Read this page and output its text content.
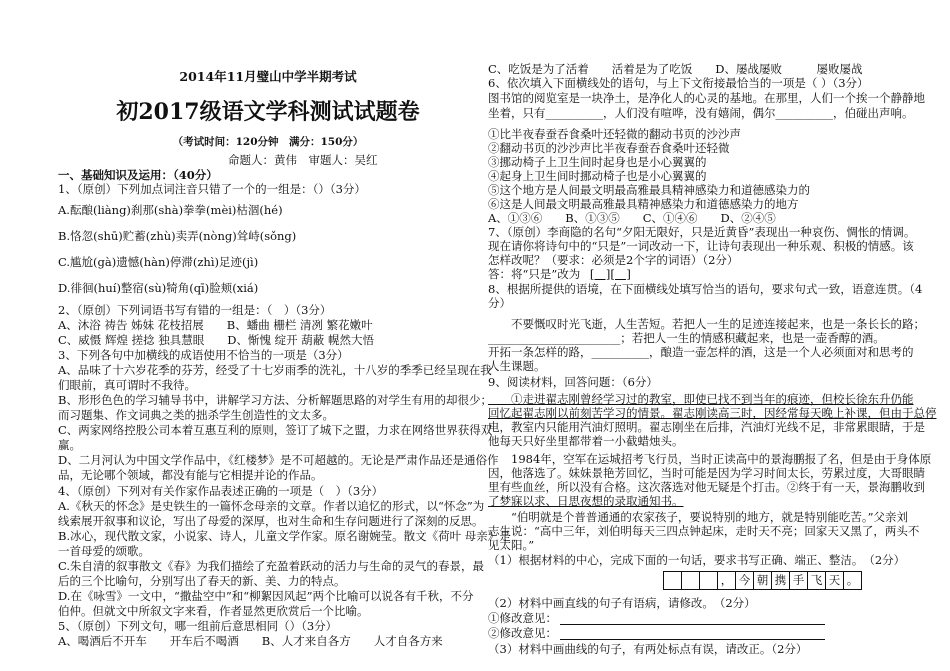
2014年11月璧山中学半期考试
初2017级语文学科测试试题卷
（考试时间：120分钟　满分：150分）
命题人：黄伟　审题人：吴红
一、基础知识及运用：（40分）
1、（原创）下列加点词注音只错了一个的一组是：（）（3分）
A.酝酿(liàng)刹那(shà)拳拳(mèi)枯涸(hé)
B.恪忽(shū)贮蓄(zhù)卖弄(nòng)耸峙(sǒng)
C.尴尬(gà)遗憾(hàn)停滞(zhì)足迹(jì)
D.徘徊(huí)整宿(sù)犄角(qī)脸颊(xiá)
2、（原创）下列词语书写有错的一组是：（　）（3分）
A、沐浴 祷告 姊妹 花枝招展　　B、蟠曲 栅栏 清冽 繁花嫩叶
C、威慑 辉煌 搓捻 独具慧眼　　D、惭愧 绽开 葫蔽 幌然大悟
3、下列各句中加横线的成语使用不恰当的一项是（3分）
A、品味了十六岁花季的芬芳，经受了十七岁雨季的洗礼，十八岁的季季已经呈现在我
们眼前，真可谓时不我待。
B、形形色色的学习辅导书中，讲解学习方法、分析解题思路的对学生有用的却很少；
而习题集、作文词典之类的拙杀学生创造性的文太多。
C、两家网络控股公司本着互惠互利的原则，签订了城下之盟，力求在网络世界获得双
赢。
D、二月河认为中国文学作品中，《红楼梦》是不可超越的。无论是严肃作品还是通俗作
品，无论哪个领域，都没有能与它相提并论的作品。
4、（原创）下列对有关作家作品表述正确的一项是（　）（3分）
A.《秋天的怀念》是史铁生的一篇怀念母亲的文章。作者以追忆的形式，以“怀念”为
线索展开叙事和议论，写出了母爱的深厚，也对生命和生存问题进行了深刻的反思。
B.冰心，现代散文家，小说家、诗人，儿童文学作家。原名谢婉莹。散文《荷叶 母亲》是
一首母爱的颂歌。
C.朱自清的叙事散文《春》为我们描绘了充盈着跃动的活力与生命的灵气的春景，最
后的三个比喻句，分别写出了春天的新、美、力的特点。
D.在《咏雪》一文中，“撒盐空中”和“柳絮因风起”两个比喻可以说各有千秋，不分
伯仲。但就文中所叙文字来看，作者显然更欣赏后一个比喻。
5、（原创）下列文句，哪一组前后意思相同（）（3分）
A、喝酒后不开车　　开车后不喝酒　　B、人才来自各方　　人才自各方来
C、吃饭是为了活着　　活着是为了吃饭　　D、屡战屡败　　　屡败屡战
6、依次填入下面横线处的语句，与上下文衔接最恰当的一项是（ ）（3分）
图书馆的阅览室是一块净土，是净化人的心灵的基地。在那里，人们一个挨一个静静地
坐着，只有__________，人们没有喧哗，没有嬉闹，偶尔__________，伯碰出声响。
①比半夜春蚕吞食桑叶还轻微的翻动书页的沙沙声
②翻动书页的沙沙声比半夜春蚕吞食桑叶还轻微
③挪动椅子上卫生间时起身也是小心翼翼的
④起身上卫生间时挪动椅子也是小心翼翼的
⑤这个地方是人间最文明最高雅最具精神感染力和道德感染力的
⑥这是人间最文明最高雅最具精神感染力和道德感染力的地方
A、①③⑥　　B、①③⑤　　C、①④⑥　　D、②④⑤
7、（原创）李商隐的名句“夕阳无限好，只是近黄昏”表现出一种哀伤、惆怅的情调。
现在请你将诗句中的“只是”一词改动一下，让诗句表现出一种乐观、积极的情感。该
怎样改呢？（要求：必须是2个字的词语）（2分）
答：将“只是”改为 [　][　]
8、根据所提供的语境，在下面横线处填写恰当的语句，要求句式一致，语意连贯。（4
分）
　　不要慨叹时光飞逝，人生苦短。若把人一生的足迹连接起来，也是一条长长的路；
_______________________；若把人一生的情感积藏起来，也是一壶香醇的酒。
开拓一条怎样的路，__________，酿造一壶怎样的酒，这是一个人必须面对和思考的
人生课题。
9、阅读材料，回答问题：（6分）
　　①走进翟志刚曾经学习过的教室，即使已找不到当年的痕迹，但校长徐东升仍能
回忆起翟志刚以前刻苦学习的情景。翟志刚读高三时，因经常每天晚上补课，但由于总停
电，教室内只能用汽油灯照明。翟志刚坐在后排，汽油灯光线不足，非常累眼睛，于是
他每天只好坐里都带着一小截蜡烛头。
　　1984年，空军在运城招考飞行员，当时正读高中的景海鹏报了名，但是由于身体原
因，他落选了。妹妹景艳芳回忆，当时可能是因为学习时间太长，劳累过度，大哥眼睛
里有些血丝，所以没有合格。这次落选对他无疑是个打击。②终于有一天，景海鹏收到
了梦寐以求、日思夜想的录取通知书。
　　“伯明就是个普普通通的农家孩子，要说特别的地方，就是特别能吃苦。”父亲刘
志生说：“高中三年，刘伯明每天三四点钟起床，走时天不亮；回家天又黑了，两头不
见太阳。”
（1）根据材料的中心，完成下面的一句话，要求书写正确、端正、整洁。　（2分）
， 今 朝 携 手 飞 天 。
（2）材料中画直线的句子有语病，请修改。　（2分）
①修改意见：
②修改意见：
（3）材料中画曲线的句子，有两处标点有误，请改正。（2分）
